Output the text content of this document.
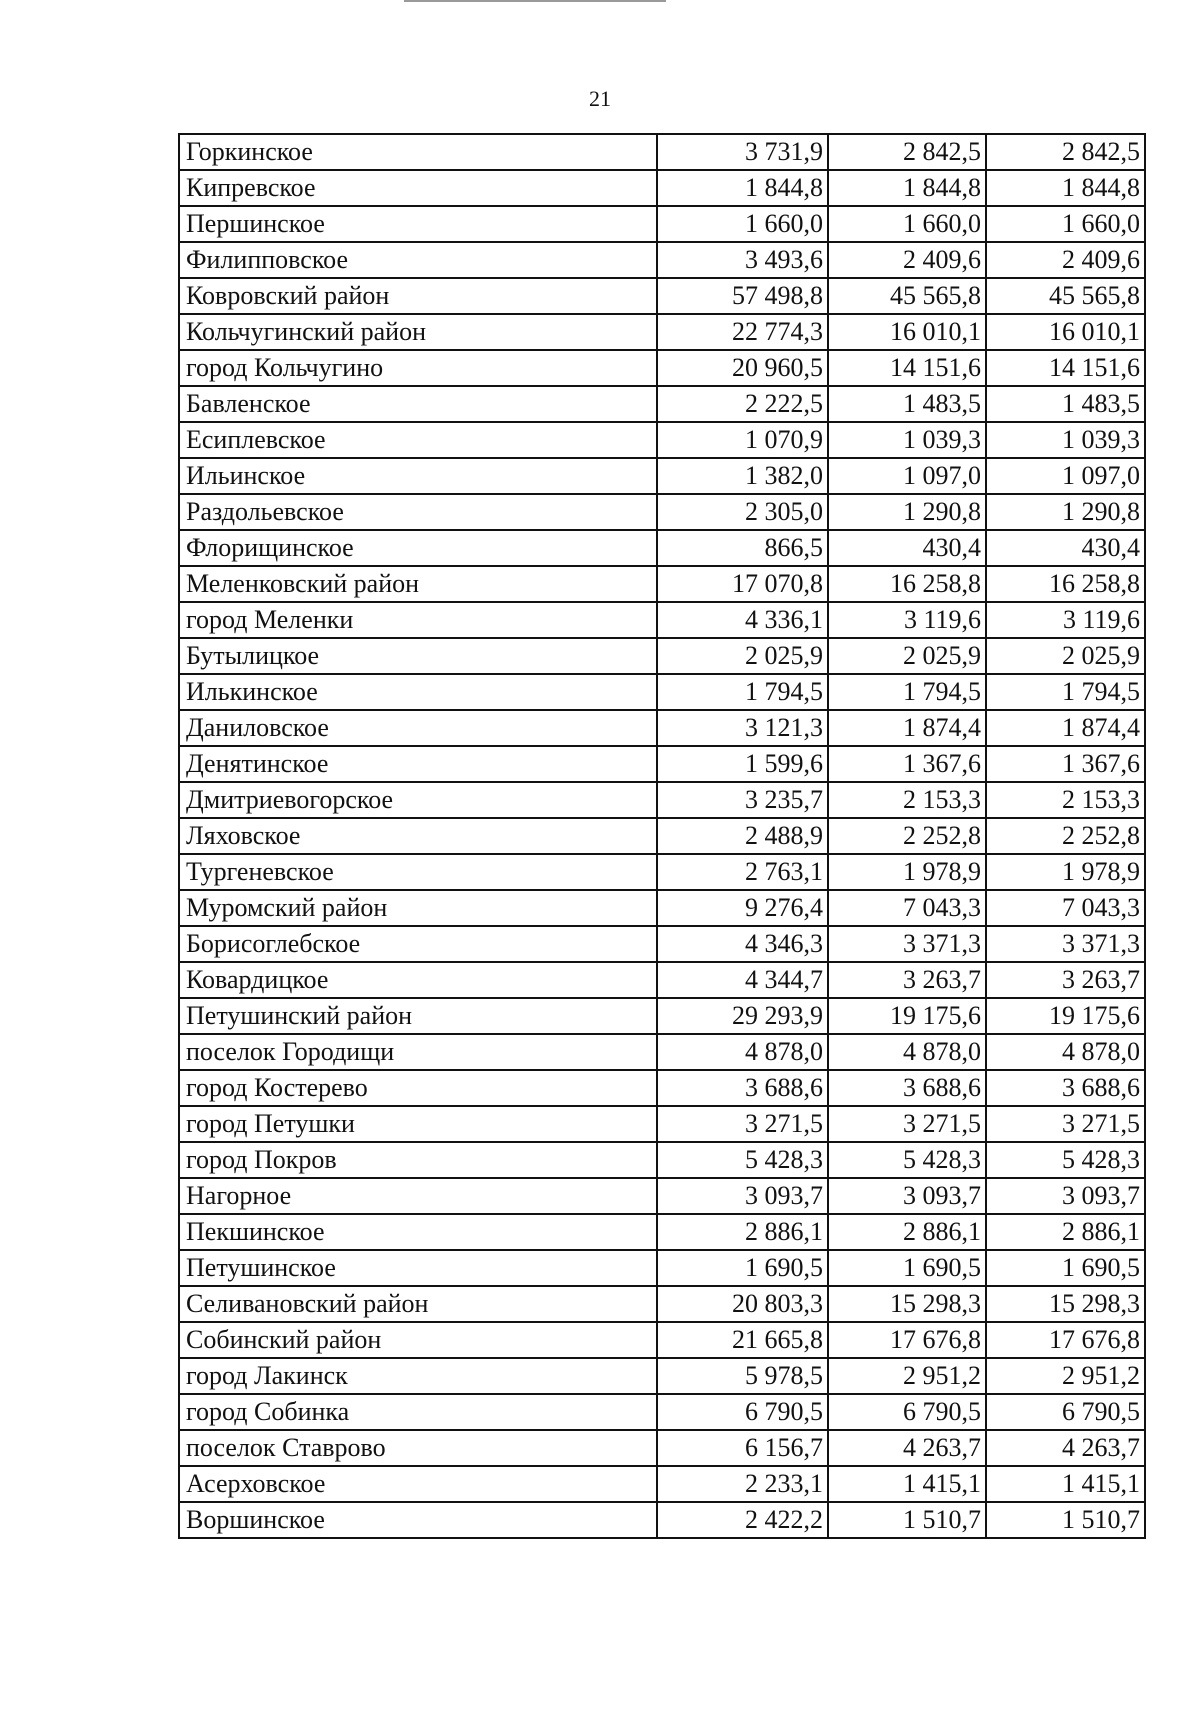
21
Горкинское	3 731,9	2 842,5	2 842,5
Кипревское	1 844,8	1 844,8	1 844,8
Першинское	1 660,0	1 660,0	1 660,0
Филипповское	3 493,6	2 409,6	2 409,6
Ковровский район	57 498,8	45 565,8	45 565,8
Кольчугинский район	22 774,3	16 010,1	16 010,1
город Кольчугино	20 960,5	14 151,6	14 151,6
Бавленское	2 222,5	1 483,5	1 483,5
Есиплевское	1 070,9	1 039,3	1 039,3
Ильинское	1 382,0	1 097,0	1 097,0
Раздольевское	2 305,0	1 290,8	1 290,8
Флорищинское	866,5	430,4	430,4
Меленковский район	17 070,8	16 258,8	16 258,8
город Меленки	4 336,1	3 119,6	3 119,6
Бутылицкое	2 025,9	2 025,9	2 025,9
Илькинское	1 794,5	1 794,5	1 794,5
Даниловское	3 121,3	1 874,4	1 874,4
Денятинское	1 599,6	1 367,6	1 367,6
Дмитриевогорское	3 235,7	2 153,3	2 153,3
Ляховское	2 488,9	2 252,8	2 252,8
Тургеневское	2 763,1	1 978,9	1 978,9
Муромский район	9 276,4	7 043,3	7 043,3
Борисоглебское	4 346,3	3 371,3	3 371,3
Ковардицкое	4 344,7	3 263,7	3 263,7
Петушинский район	29 293,9	19 175,6	19 175,6
поселок Городищи	4 878,0	4 878,0	4 878,0
город Костерево	3 688,6	3 688,6	3 688,6
город Петушки	3 271,5	3 271,5	3 271,5
город Покров	5 428,3	5 428,3	5 428,3
Нагорное	3 093,7	3 093,7	3 093,7
Пекшинское	2 886,1	2 886,1	2 886,1
Петушинское	1 690,5	1 690,5	1 690,5
Селивановский район	20 803,3	15 298,3	15 298,3
Собинский район	21 665,8	17 676,8	17 676,8
город Лакинск	5 978,5	2 951,2	2 951,2
город Собинка	6 790,5	6 790,5	6 790,5
поселок Ставрово	6 156,7	4 263,7	4 263,7
Асерховское	2 233,1	1 415,1	1 415,1
Воршинское	2 422,2	1 510,7	1 510,7
